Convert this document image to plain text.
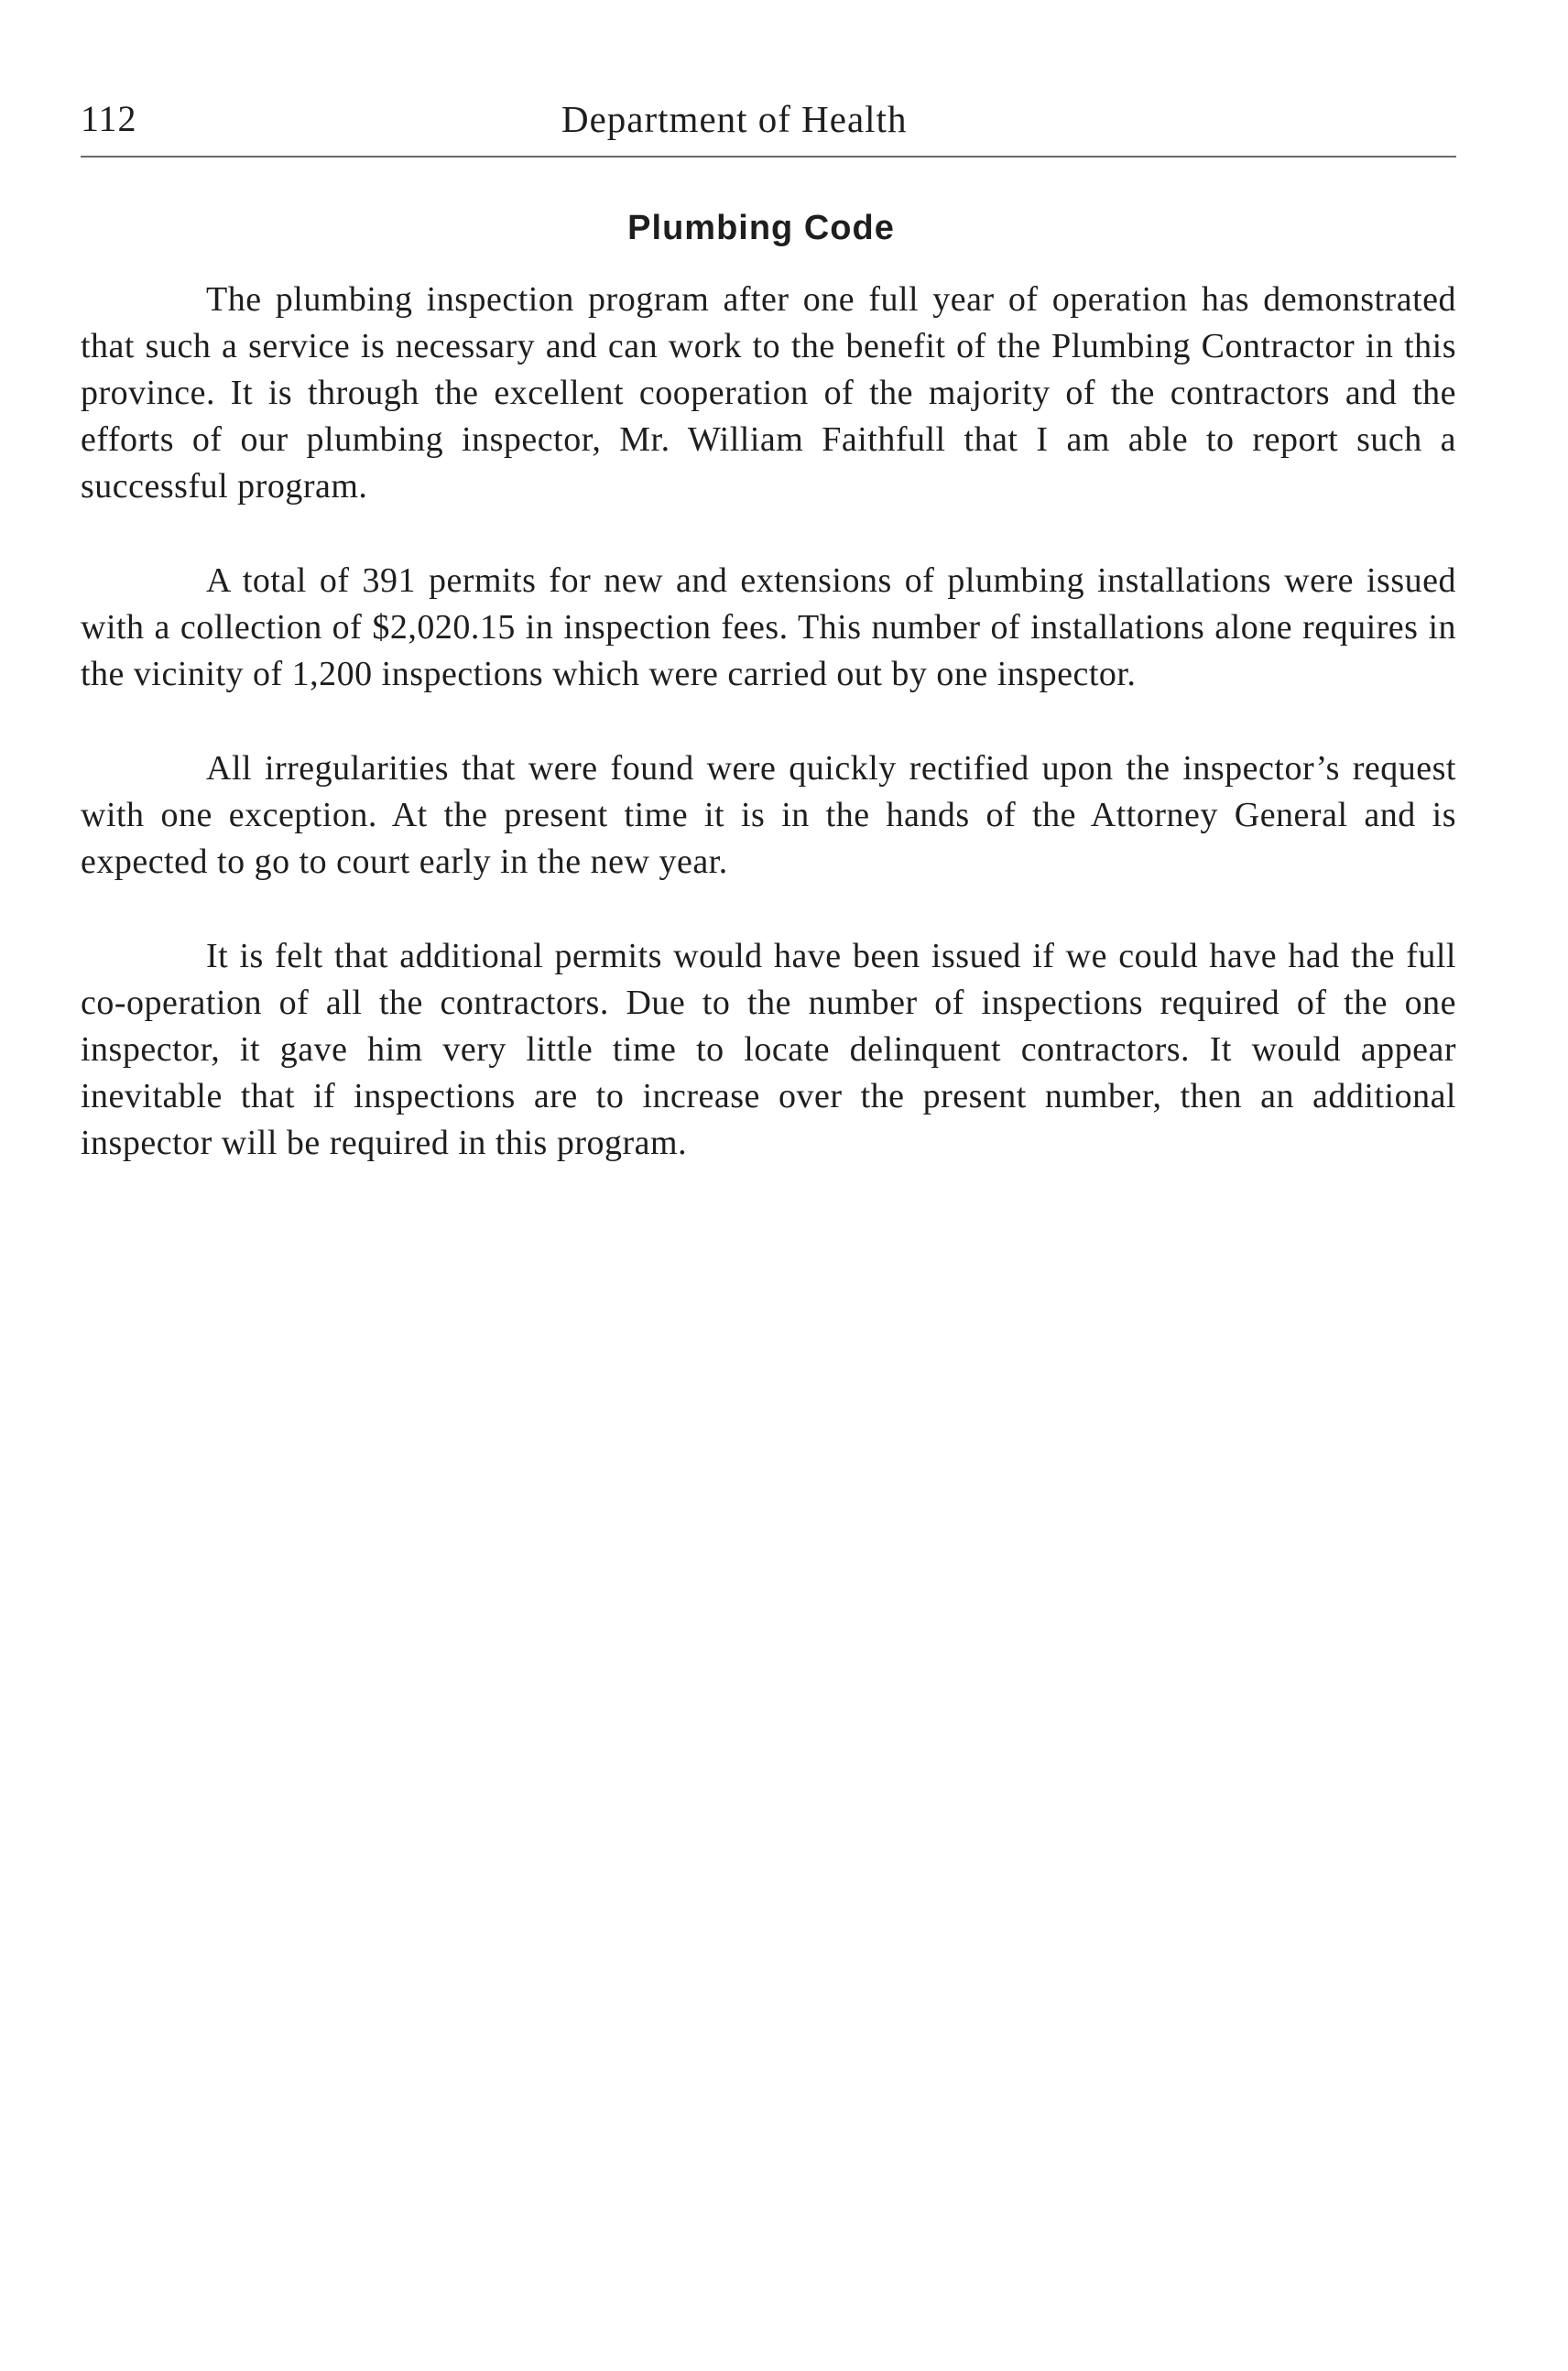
112	Department of Health
Plumbing Code

The plumbing inspection program after one full year of operation has demonstrated that such a service is necessary and can work to the benefit of the Plumbing Contractor in this province. It is through the excellent cooperation of the majority of the contractors and the efforts of our plumbing inspector, Mr. William Faithfull that I am able to report such a successful program.

A total of 391 permits for new and extensions of plumbing installations were issued with a collection of $2,020.15 in inspection fees. This number of installations alone requires in the vicinity of 1,200 inspections which were carried out by one inspector.

All irregularities that were found were quickly rectified upon the inspector’s request with one exception. At the present time it is in the hands of the Attorney General and is expected to go to court early in the new year.

It is felt that additional permits would have been issued if we could have had the full co-operation of all the contractors. Due to the number of inspections required of the one inspector, it gave him very little time to locate delinquent contractors. It would appear inevitable that if inspections are to increase over the present number, then an additional inspector will be required in this program.
